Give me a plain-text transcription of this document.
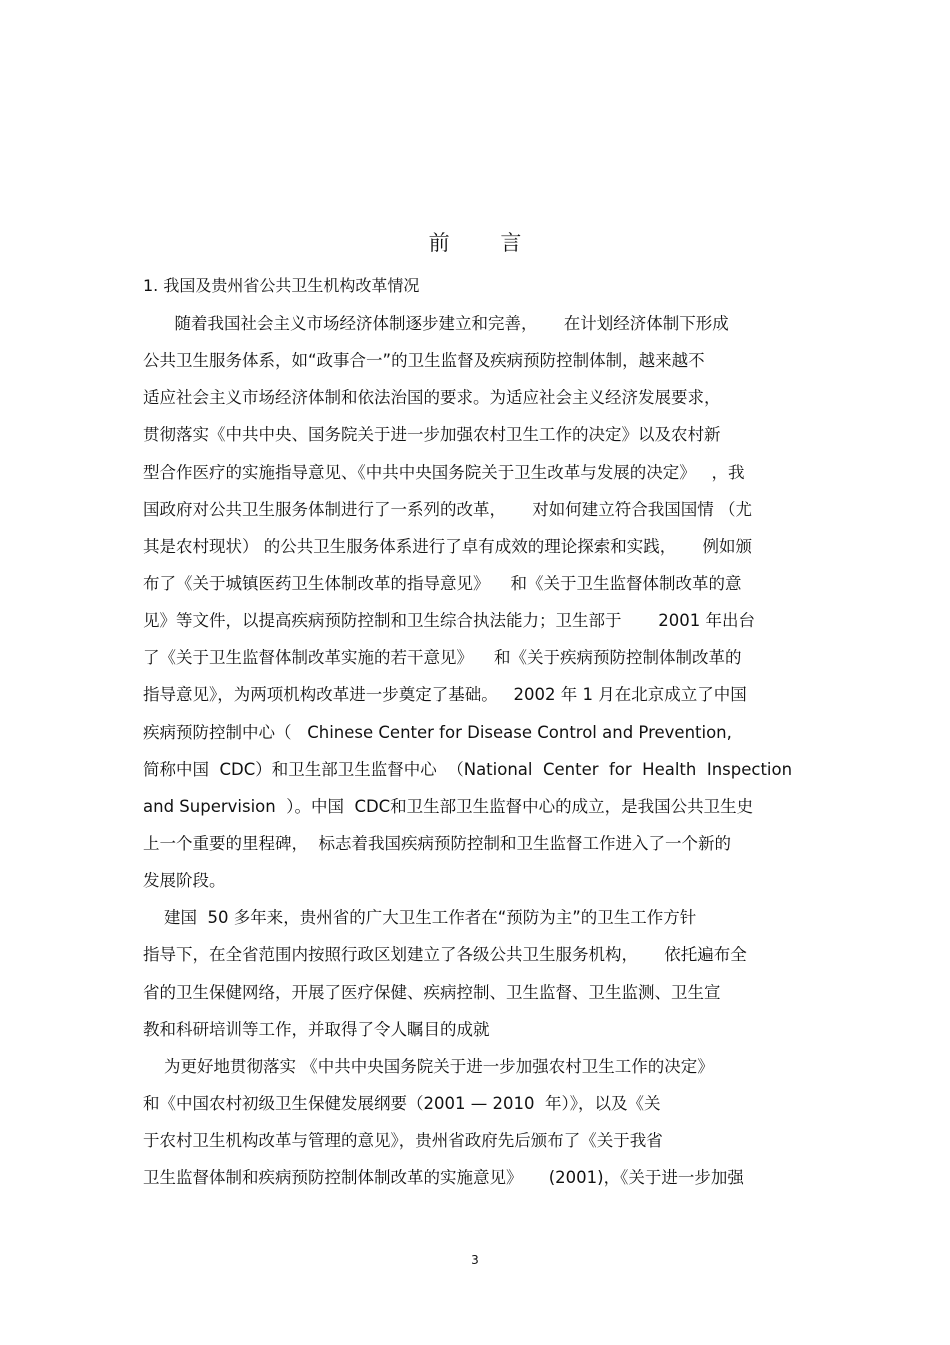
前 言
1. 我国及贵州省公共卫生机构改革情况
随着我国社会主义市场经济体制逐步建立和完善，     在计划经济体制下形成
公共卫生服务体系，如“政事合一”的卫生监督及疾病预防控制体制，越来越不
适应社会主义市场经济体制和依法治国的要求。为适应社会主义经济发展要求，
贯彻落实《中共中央、国务院关于进一步加强农村卫生工作的决定》以及农村新
型合作医疗的实施指导意见、《中共中央国务院关于卫生改革与发展的决定》   ，我
国政府对公共卫生服务体制进行了一系列的改革，     对如何建立符合我国国情 （尤
其是农村现状） 的公共卫生服务体系进行了卓有成效的理论探索和实践，     例如颁
布了《关于城镇医药卫生体制改革的指导意见》    和《关于卫生监督体制改革的意
见》等文件，以提高疾病预防控制和卫生综合执法能力；卫生部于       2001 年出台
了《关于卫生监督体制改革实施的若干意见》    和《关于疾病预防控制体制改革的
指导意见》，为两项机构改革进一步奠定了基础。   2002 年 1 月在北京成立了中国
疾病预防控制中心（   Chinese Center for Disease Control and Prevention,
简称中国  CDC）和卫生部卫生监督中心  （National  Center  for  Health  Inspection
and Supervision  ）。中国  CDC和卫生部卫生监督中心的成立，是我国公共卫生史
上一个重要的里程碑，  标志着我国疾病预防控制和卫生监督工作进入了一个新的
发展阶段。
建国  50 多年来，贵州省的广大卫生工作者在“预防为主”的卫生工作方针
指导下，在全省范围内按照行政区划建立了各级公共卫生服务机构，     依托遍布全
省的卫生保健网络，开展了医疗保健、疾病控制、卫生监督、卫生监测、卫生宣
教和科研培训等工作，并取得了令人瞩目的成就
为更好地贯彻落实 《中共中央国务院关于进一步加强农村卫生工作的决定》
和《中国农村初级卫生保健发展纲要（2001 — 2010  年）》，以及《关
于农村卫生机构改革与管理的意见》，贵州省政府先后颁布了《关于我省
卫生监督体制和疾病预防控制体制改革的实施意见》     (2001)，《关于进一步加强
3
